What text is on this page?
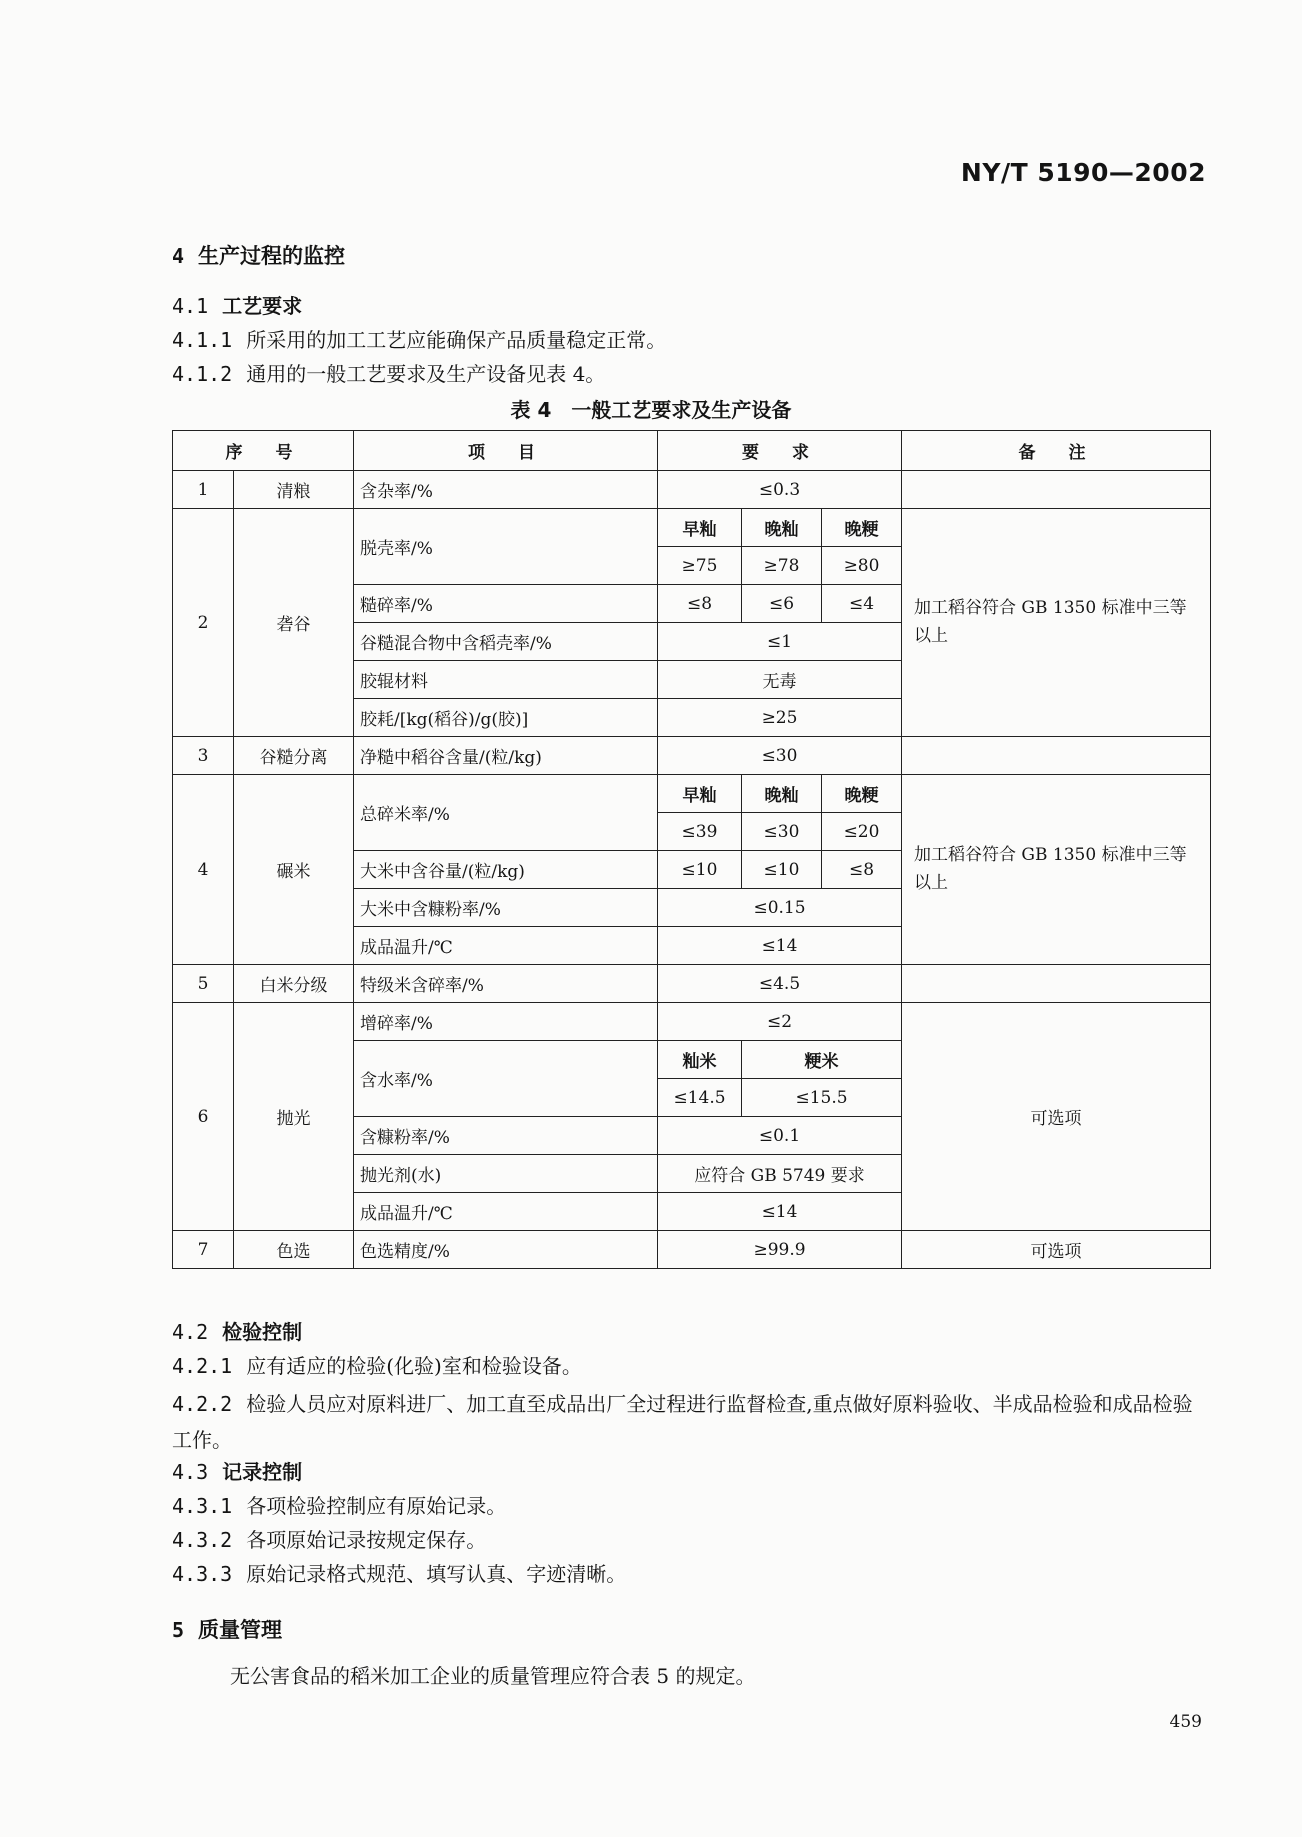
NY/T 5190—2002
4 生产过程的监控
4.1 工艺要求
4.1.1 所采用的加工工艺应能确保产品质量稳定正常。
4.1.2 通用的一般工艺要求及生产设备见表 4。
表 4　一般工艺要求及生产设备
序　号		项　目	要　求			备　注
1	清粮	含杂率/%	≤0.3			
2	砻谷	脱壳率/%	早籼	晚籼	晚粳	加工稻谷符合 GB 1350 标准中三等以上
			≥75	≥78	≥80	
		糙碎率/%	≤8	≤6	≤4	
		谷糙混合物中含稻壳率/%	≤1			
		胶辊材料	无毒			
		胶耗/[kg(稻谷)/g(胶)]	≥25			
3	谷糙分离	净糙中稻谷含量/(粒/kg)	≤30			
4	碾米	总碎米率/%	早籼	晚籼	晚粳	加工稻谷符合 GB 1350 标准中三等以上
			≤39	≤30	≤20	
		大米中含谷量/(粒/kg)	≤10	≤10	≤8	
		大米中含糠粉率/%	≤0.15			
		成品温升/℃	≤14			
5	白米分级	特级米含碎率/%	≤4.5			
6	抛光	增碎率/%	≤2			可选项
		含水率/%	籼米	粳米		
			≤14.5	≤15.5		
		含糠粉率/%	≤0.1			
		抛光剂(水)	应符合 GB 5749 要求			
		成品温升/℃	≤14			
7	色选	色选精度/%	≥99.9			可选项
4.2 检验控制
4.2.1 应有适应的检验(化验)室和检验设备。
4.2.2 检验人员应对原料进厂、加工直至成品出厂全过程进行监督检查,重点做好原料验收、半成品检验和成品检验工作。
4.3 记录控制
4.3.1 各项检验控制应有原始记录。
4.3.2 各项原始记录按规定保存。
4.3.3 原始记录格式规范、填写认真、字迹清晰。
5 质量管理
无公害食品的稻米加工企业的质量管理应符合表 5 的规定。
459
